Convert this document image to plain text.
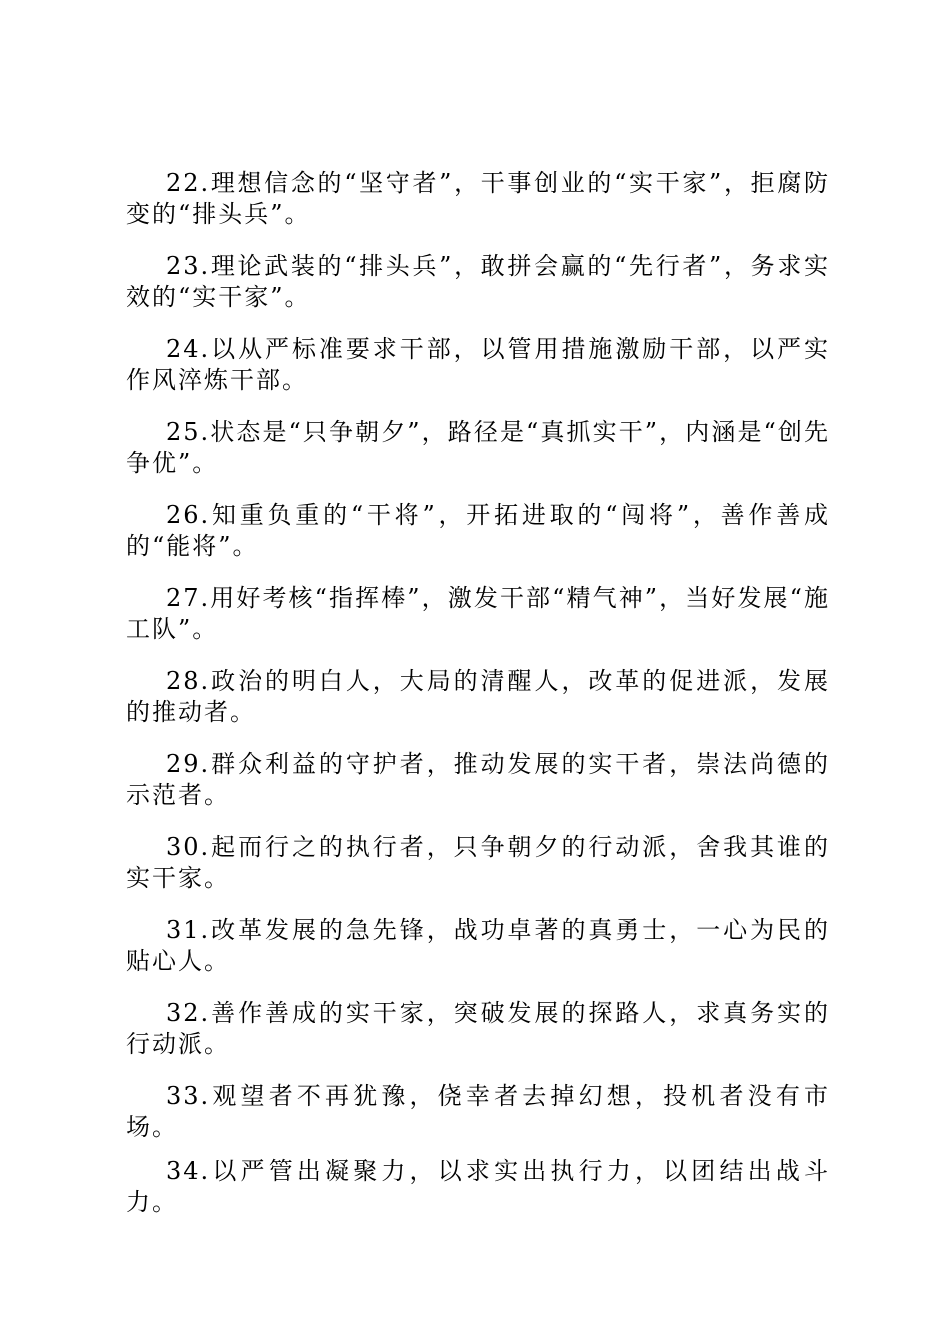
22.理想信念的“坚守者”，干事创业的“实干家”，拒腐防变的“排头兵”。

23.理论武装的“排头兵”，敢拼会赢的“先行者”，务求实效的“实干家”。

24.以从严标准要求干部，以管用措施激励干部，以严实作风淬炼干部。

25.状态是“只争朝夕”，路径是“真抓实干”，内涵是“创先争优”。

26.知重负重的“干将”，开拓进取的“闯将”，善作善成的“能将”。

27.用好考核“指挥棒”，激发干部“精气神”，当好发展“施工队”。

28.政治的明白人，大局的清醒人，改革的促进派，发展的推动者。

29.群众利益的守护者，推动发展的实干者，崇法尚德的示范者。

30.起而行之的执行者，只争朝夕的行动派，舍我其谁的实干家。

31.改革发展的急先锋，战功卓著的真勇士，一心为民的贴心人。

32.善作善成的实干家，突破发展的探路人，求真务实的行动派。

33.观望者不再犹豫，侥幸者去掉幻想，投机者没有市场。

34.以严管出凝聚力，以求实出执行力，以团结出战斗力。
